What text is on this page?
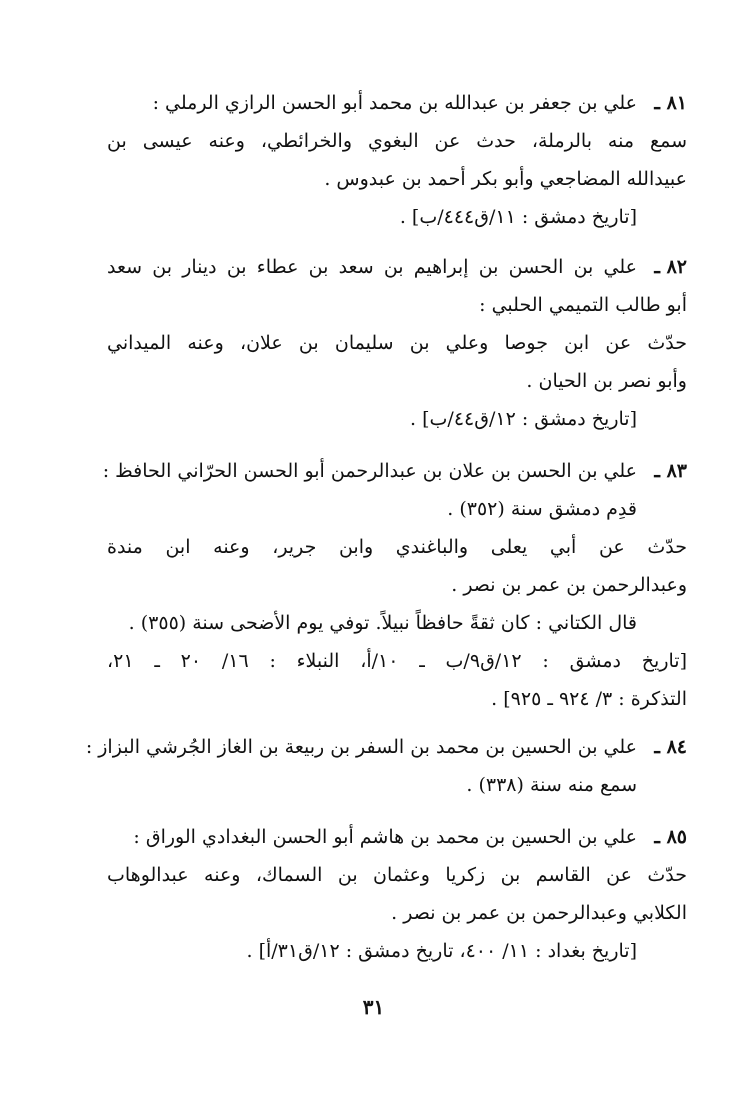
٨١ ـ
علي بن جعفر بن عبدالله بن محمد أبو الحسن الرازي الرملي :
سمع منه بالرملة، حدث عن البغوي والخرائطي، وعنه عيسى بن
عبيدالله المضاجعي وأبو بكر أحمد بن عبدوس .
[تاريخ دمشق : ١١/ق٤٤٤/ب] .
٨٢ ـ
علي بن الحسن بن إبراهيم بن سعد بن عطاء بن دينار بن سعد
أبو طالب التميمي الحلبي :
حدّث عن ابن جوصا وعلي بن سليمان بن علان، وعنه الميداني
وأبو نصر بن الحيان .
[تاريخ دمشق : ١٢/ق٤٤/ب] .
٨٣ ـ
علي بن الحسن بن علان بن عبدالرحمن أبو الحسن الحرّاني الحافظ :
قدِم دمشق سنة (٣٥٢) .
حدّث عن أبي يعلى والباغندي وابن جرير، وعنه ابن مندة
وعبدالرحمن بن عمر بن نصر .
قال الكتاني : كان ثقةً حافظاً نبيلاً. توفي يوم الأضحى سنة (٣٥٥) .
[تاريخ دمشق : ١٢/ق٩/ب ـ ١٠/أ، النبلاء : ١٦/ ٢٠ ـ ٢١،
التذكرة : ٣/ ٩٢٤ ـ ٩٢٥] .
٨٤ ـ
علي بن الحسين بن محمد بن السفر بن ربيعة بن الغاز الجُرشي البزاز :
سمع منه سنة (٣٣٨) .
٨٥ ـ
علي بن الحسين بن محمد بن هاشم أبو الحسن البغدادي الوراق :
حدّث عن القاسم بن زكريا وعثمان بن السماك، وعنه عبدالوهاب
الكلابي وعبدالرحمن بن عمر بن نصر .
[تاريخ بغداد : ١١/ ٤٠٠، تاريخ دمشق : ١٢/ق٣١/أ] .
٣١
